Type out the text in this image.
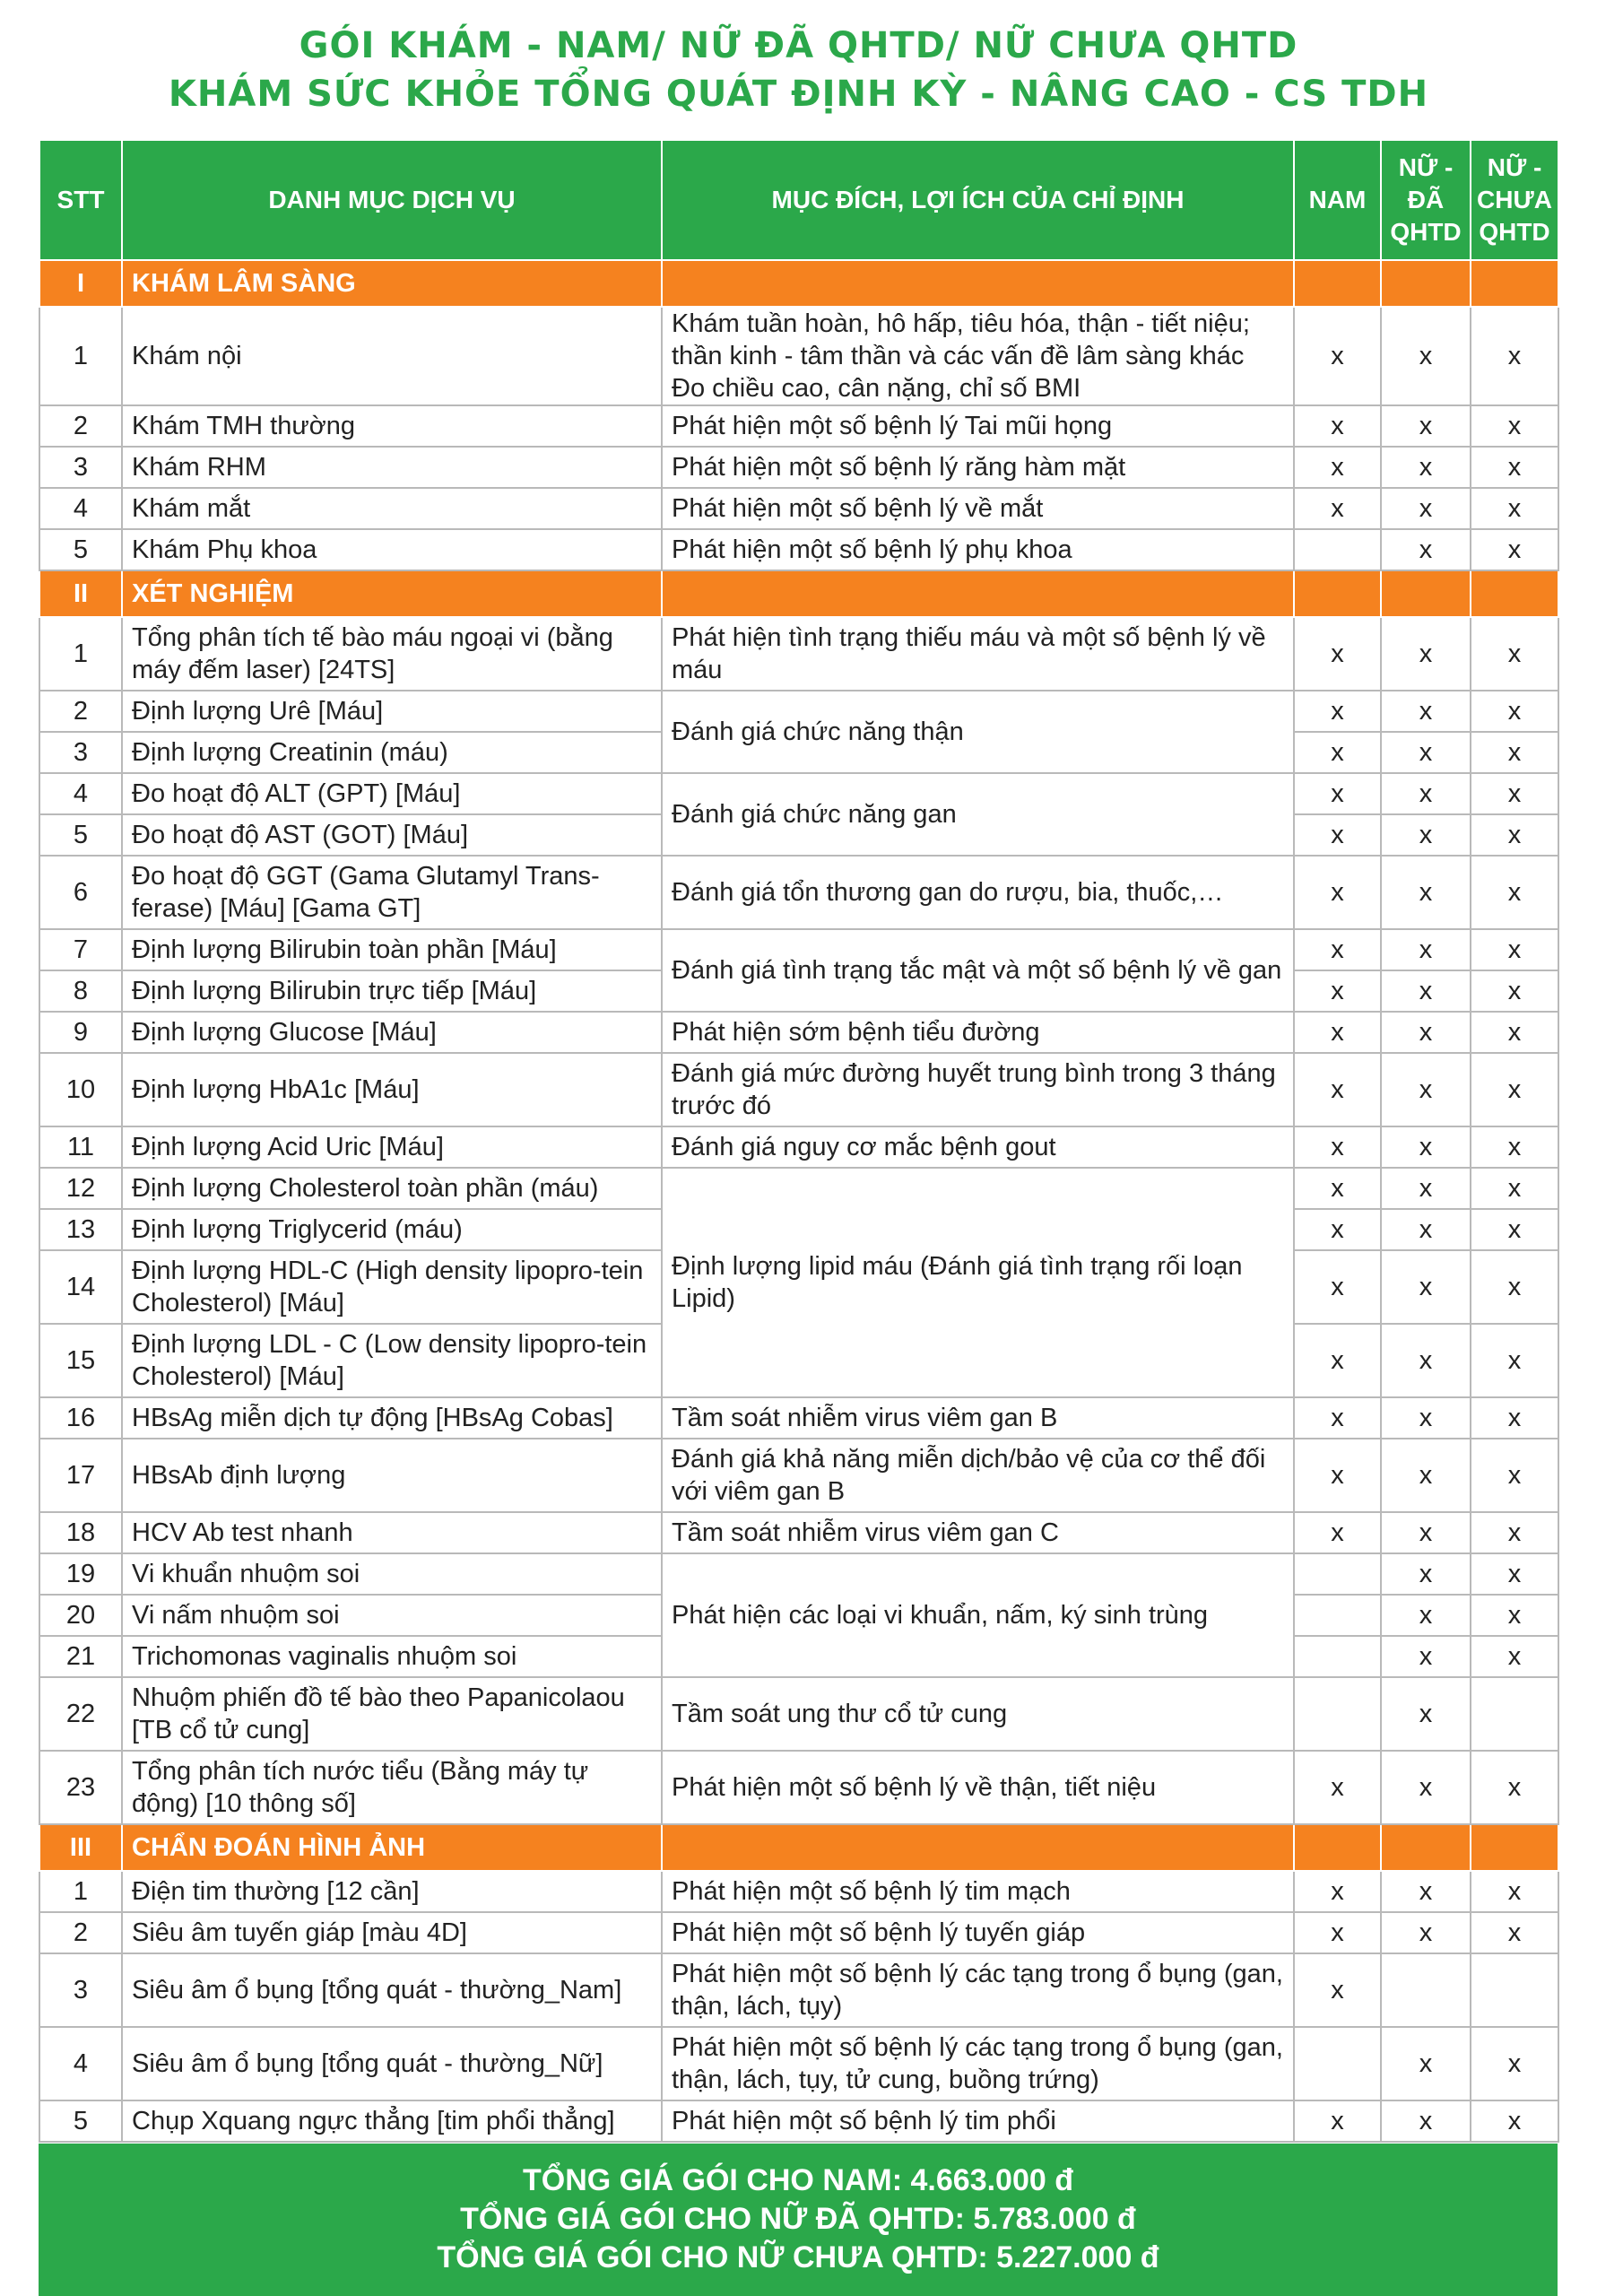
GÓI KHÁM - NAM/ NỮ ĐÃ QHTD/ NỮ CHƯA QHTD
KHÁM SỨC KHỎE TỔNG QUÁT ĐỊNH KỲ - NÂNG CAO - CS TDH
STT	DANH MỤC DỊCH VỤ	MỤC ĐÍCH, LỢI ÍCH CỦA CHỈ ĐỊNH	NAM	NỮ - ĐÃ QHTD	NỮ - CHƯA QHTD
I	KHÁM LÂM SÀNG				
1	Khám nội	Khám tuần hoàn, hô hấp, tiêu hóa, thận - tiết niệu; thần kinh - tâm thần và các vấn đề lâm sàng khác Đo chiều cao, cân nặng, chỉ số BMI	x	x	x
2	Khám TMH thường	Phát hiện một số bệnh lý Tai mũi họng	x	x	x
3	Khám RHM	Phát hiện một số bệnh lý răng hàm mặt	x	x	x
4	Khám mắt	Phát hiện một số bệnh lý về mắt	x	x	x
5	Khám Phụ khoa	Phát hiện một số bệnh lý phụ khoa		x	x
II	XÉT NGHIỆM				
1	Tổng phân tích tế bào máu ngoại vi (bằng máy đếm laser) [24TS]	Phát hiện tình trạng thiếu máu và một số bệnh lý về máu	x	x	x
2	Định lượng Urê [Máu]	Đánh giá chức năng thận	x	x	x
3	Định lượng Creatinin (máu)		x	x	x
4	Đo hoạt độ ALT (GPT) [Máu]	Đánh giá chức năng gan	x	x	x
5	Đo hoạt độ AST (GOT) [Máu]		x	x	x
6	Đo hoạt độ GGT (Gama Glutamyl Trans-ferase) [Máu] [Gama GT]	Đánh giá tổn thương gan do rượu, bia, thuốc,…	x	x	x
7	Định lượng Bilirubin toàn phần [Máu]	Đánh giá tình trạng tắc mật và một số bệnh lý về gan	x	x	x
8	Định lượng Bilirubin trực tiếp [Máu]		x	x	x
9	Định lượng Glucose [Máu]	Phát hiện sớm bệnh tiểu đường	x	x	x
10	Định lượng HbA1c [Máu]	Đánh giá mức đường huyết trung bình trong 3 tháng trước đó	x	x	x
11	Định lượng Acid Uric [Máu]	Đánh giá nguy cơ mắc bệnh gout	x	x	x
12	Định lượng Cholesterol toàn phần (máu)	Định lượng lipid máu (Đánh giá tình trạng rối loạn Lipid)	x	x	x
13	Định lượng Triglycerid (máu)		x	x	x
14	Định lượng HDL-C (High density lipopro-tein Cholesterol) [Máu]		x	x	x
15	Định lượng LDL - C (Low density lipopro-tein Cholesterol) [Máu]		x	x	x
16	HBsAg miễn dịch tự động [HBsAg Cobas]	Tầm soát nhiễm virus viêm gan B	x	x	x
17	HBsAb định lượng	Đánh giá khả năng miễn dịch/bảo vệ của cơ thể đối với viêm gan B	x	x	x
18	HCV Ab test nhanh	Tầm soát nhiễm virus viêm gan C	x	x	x
19	Vi khuẩn nhuộm soi	Phát hiện các loại vi khuẩn, nấm, ký sinh trùng		x	x
20	Vi nấm nhuộm soi			x	x
21	Trichomonas vaginalis nhuộm soi			x	x
22	Nhuộm phiến đồ tế bào theo Papanicolaou [TB cổ tử cung]	Tầm soát ung thư cổ tử cung		x	
23	Tổng phân tích nước tiểu (Bằng máy tự động) [10 thông số]	Phát hiện một số bệnh lý về thận, tiết niệu	x	x	x
III	CHẨN ĐOÁN HÌNH ẢNH				
1	Điện tim thường [12 cần]	Phát hiện một số bệnh lý tim mạch	x	x	x
2	Siêu âm tuyến giáp [màu 4D]	Phát hiện một số bệnh lý tuyến giáp	x	x	x
3	Siêu âm ổ bụng [tổng quát - thường_Nam]	Phát hiện một số bệnh lý các tạng trong ổ bụng (gan, thận, lách, tụy)	x		
4	Siêu âm ổ bụng [tổng quát - thường_Nữ]	Phát hiện một số bệnh lý các tạng trong ổ bụng (gan, thận, lách, tụy, tử cung, buồng trứng)		x	x
5	Chụp Xquang ngực thẳng [tim phổi thẳng]	Phát hiện một số bệnh lý tim phổi	x	x	x
TỔNG GIÁ GÓI CHO NAM: 4.663.000 đ
TỔNG GIÁ GÓI CHO NỮ ĐÃ QHTD: 5.783.000 đ
TỔNG GIÁ GÓI CHO NỮ CHƯA QHTD: 5.227.000 đ
